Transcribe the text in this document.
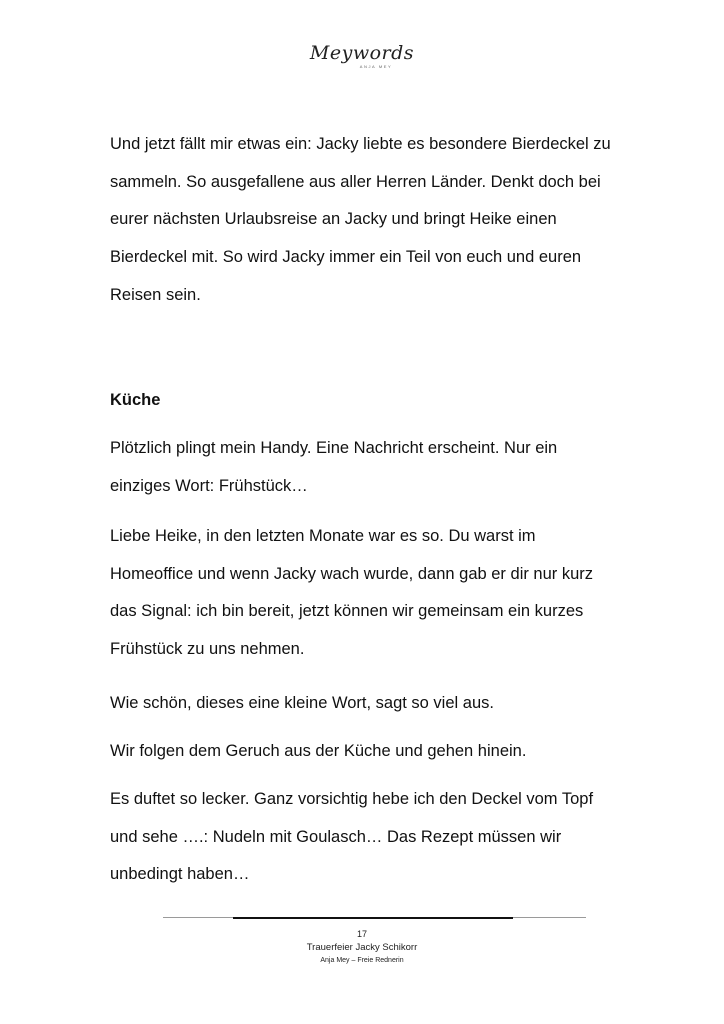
Meywords
ANJA MEY
Und jetzt fällt mir etwas ein: Jacky liebte es besondere Bierdeckel zu
sammeln. So ausgefallene aus aller Herren Länder. Denkt doch bei
eurer nächsten Urlaubsreise an Jacky und bringt Heike einen
Bierdeckel mit. So wird Jacky immer ein Teil von euch und euren
Reisen sein.
Küche
Plötzlich plingt mein Handy. Eine Nachricht erscheint. Nur ein
einziges Wort: Frühstück…
Liebe Heike, in den letzten Monate war es so. Du warst im
Homeoffice und wenn Jacky wach wurde, dann gab er dir nur kurz
das Signal: ich bin bereit, jetzt können wir gemeinsam ein kurzes
Frühstück zu uns nehmen.
Wie schön, dieses eine kleine Wort, sagt so viel aus.
Wir folgen dem Geruch aus der Küche und gehen hinein.
Es duftet so lecker. Ganz vorsichtig hebe ich den Deckel vom Topf
und sehe ….: Nudeln mit Goulasch… Das Rezept müssen wir
unbedingt haben…
17
Trauerfeier Jacky Schikorr
Anja Mey – Freie Rednerin
